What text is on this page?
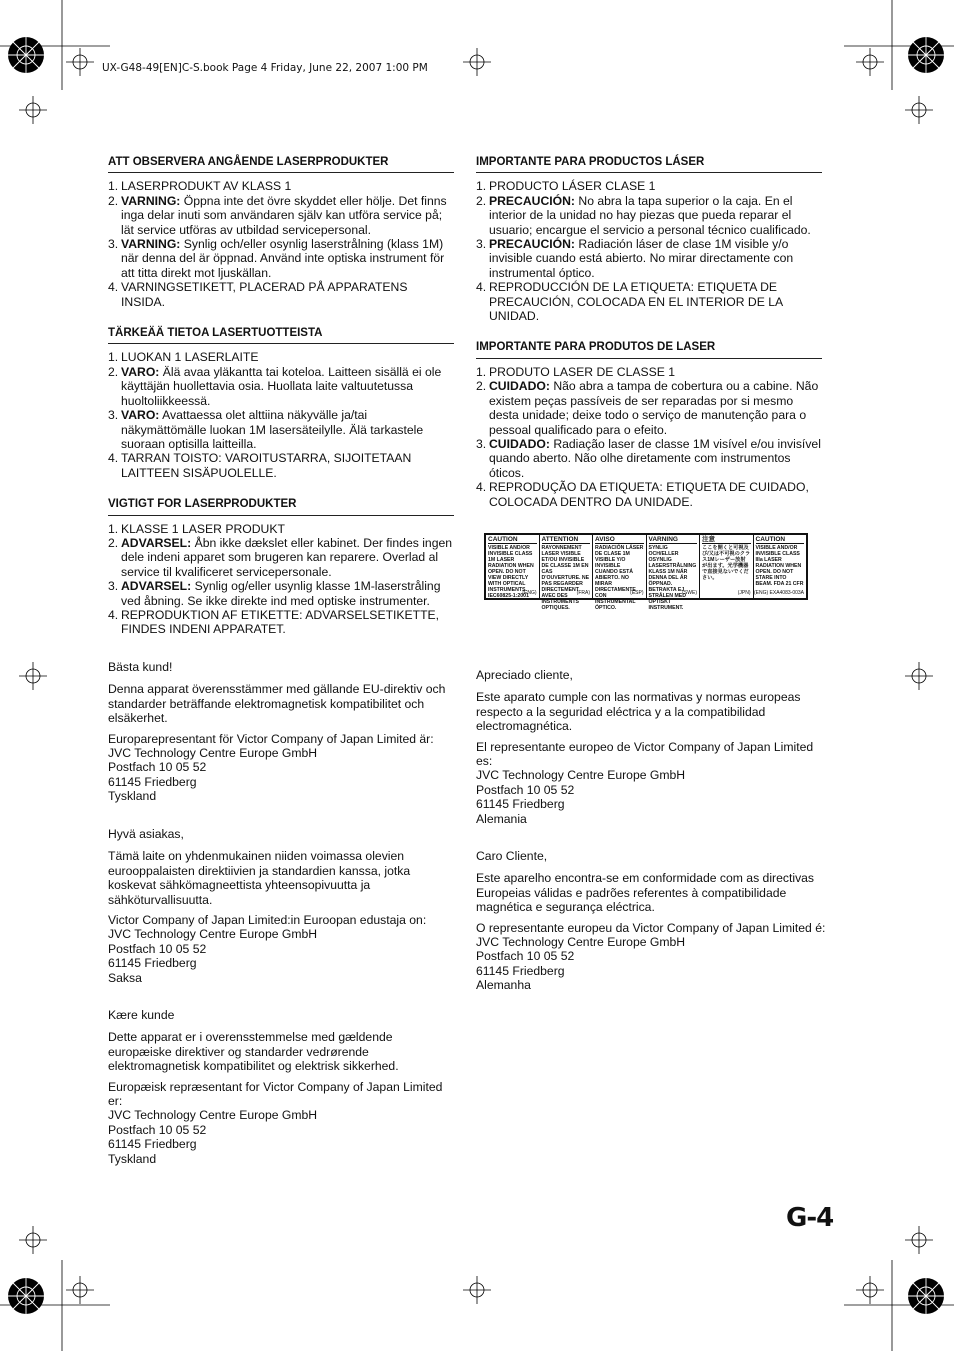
UX-G48-49[EN]C-S.book Page 4 Friday, June 22, 2007 1:00 PM
ATT OBSERVERA ANGÅENDE LASERPRODUKTER
1. LASERPRODUKT AV KLASS 1
2. VARNING: Öppna inte det övre skyddet eller hölje. Det finns inga delar inuti som användaren själv kan utföra service på; lät service utföras av utbildad servicepersonal.
3. VARNING: Synlig och/eller osynlig laserstrålning (klass 1M) när denna del är öppnad. Använd inte optiska instrument för att titta direkt mot ljuskällan.
4. VARNINGSETIKETT, PLACERAD PÅ APPARATENS INSIDA.
TÄRKEÄÄ TIETOA LASERTUOTTEISTA
1. LUOKAN 1 LASERLAITE
2. VARO: Älä avaa yläkantta tai koteloa. Laitteen sisällä ei ole käyttäjän huollettavia osia. Huollata laite valtuutetussa huoltoliikkeessä.
3. VARO: Avattaessa olet alttiina näkyvälle ja/tai näkymättömälle luokan 1M lasersäteilylle. Älä tarkastele suoraan optisilla laitteilla.
4. TARRAN TOISTO: VAROITUSTARRA, SIJOITETAAN LAITTEEN SISÄPUOLELLE.
VIGTIGT FOR LASERPRODUKTER
1. KLASSE 1 LASER PRODUKT
2. ADVARSEL: Åbn ikke dækslet eller kabinet. Der findes ingen dele indeni apparet som brugeren kan reparere. Overlad al service til kvalificeret servicepersonale.
3. ADVARSEL: Synlig og/eller usynlig klasse 1M-laserstråling ved åbning. Se ikke direkte ind med optiske instrumenter.
4. REPRODUKTION AF ETIKETTE: ADVARSELSETIKETTE, FINDES INDENI APPARATET.
IMPORTANTE PARA PRODUCTOS LÁSER
1. PRODUCTO LÁSER CLASE 1
2. PRECAUCIÓN: No abra la tapa superior o la caja. En el interior de la unidad no hay piezas que pueda reparar el usuario; encargue el servicio a personal técnico cualificado.
3. PRECAUCIÓN: Radiación láser de clase 1M visible y/o invisible cuando está abierto. No mirar directamente con instrumental óptico.
4. REPRODUCCIÓN DE LA ETIQUETA: ETIQUETA DE PRECAUCIÓN, COLOCADA EN EL INTERIOR DE LA UNIDAD.
IMPORTANTE PARA PRODUTOS DE LASER
1. PRODUTO LASER DE CLASSE 1
2. CUIDADO: Não abra a tampa de cobertura ou a cabine. Não existem peças passíveis de ser reparadas por si mesmo desta unidade; deixe todo o serviço de manutenção para o pessoal qualificado para o efeito.
3. CUIDADO: Radiação laser de classe 1M visível e/ou invisível quando aberto. Não olhe diretamente com instrumentos óticos.
4. REPRODUÇÃO DA ETIQUETA: ETIQUETA DE CUIDADO, COLOCADA DENTRO DA UNIDADE.
CAUTION
VISIBLE AND/OR INVISIBLE CLASS 1M LASER RADIATION WHEN OPEN. DO NOT VIEW DIRECTLY WITH OPTICAL INSTRUMENTS. IEC60825-1:2001
(ENG)
ATTENTION
RAYONNEMENT LASER VISIBLE ET/OU INVISIBLE DE CLASSE 1M EN CAS D'OUVERTURE. NE PAS REGARDER DIRECTEMENT AVEC DES INSTRUMENTS OPTIQUES.
(FRA)
AVISO
RADIACIÓN LÁSER DE CLASE 1M VISIBLE Y/O INVISIBLE CUANDO ESTÁ ABIERTO. NO MIRAR DIRECTAMENTE CON INSTRUMENTAL ÓPTICO.
(ESP)
VARNING
SYNLIG OCH/ELLER OSYNLIG LASERSTRÅLNING KLASS 1M NÄR DENNA DEL ÄR ÖPPNAD. BETRAKTA EJ STRÅLEN MED OPTISKT INSTRUMENT.
(SWE)
注意
ここを開くと可視及び/又は不可視のクラス1Mレーザー放射が出ます。光学機器で直接見ないでください。
(JPN)
CAUTION
VISIBLE AND/OR INVISIBLE CLASS IIIa LASER RADIATION WHEN OPEN. DO NOT STARE INTO BEAM. FDA 21 CFR
(ENG) EXA4083-003A

Bästa kund!

Denna apparat överensstämmer med gällande EU-direktiv och standarder beträffande elektromagnetisk kompatibilitet och elsäkerhet.

Europarepresentant för Victor Company of Japan Limited är:
JVC Technology Centre Europe GmbH
Postfach 10 05 52
61145 Friedberg
Tyskland

Hyvä asiakas,

Tämä laite on yhdenmukainen niiden voimassa olevien eurooppalaisten direktiivien ja standardien kanssa, jotka koskevat sähkömagneettista yhteensopivuutta ja sähköturvallisuutta.

Victor Company of Japan Limited:in Euroopan edustaja on:
JVC Technology Centre Europe GmbH
Postfach 10 05 52
61145 Friedberg
Saksa

Kære kunde

Dette apparat er i overensstemmelse med gældende europæiske direktiver og standarder vedrørende elektromagnetisk kompatibilitet og elektrisk sikkerhed.

Europæisk repræsentant for Victor Company of Japan Limited er:
JVC Technology Centre Europe GmbH
Postfach 10 05 52
61145 Friedberg
Tyskland

Apreciado cliente,

Este aparato cumple con las normativas y normas europeas respecto a la seguridad eléctrica y a la compatibilidad electromagnética.

El representante europeo de Victor Company of Japan Limited es:
JVC Technology Centre Europe GmbH
Postfach 10 05 52
61145 Friedberg
Alemania

Caro Cliente,

Este aparelho encontra-se em conformidade com as directivas Europeias válidas e padrões referentes à compatibilidade magnética e segurança eléctrica.

O representante europeu da Victor Company of Japan Limited é:
JVC Technology Centre Europe GmbH
Postfach 10 05 52
61145 Friedberg
Alemanha
G-4
